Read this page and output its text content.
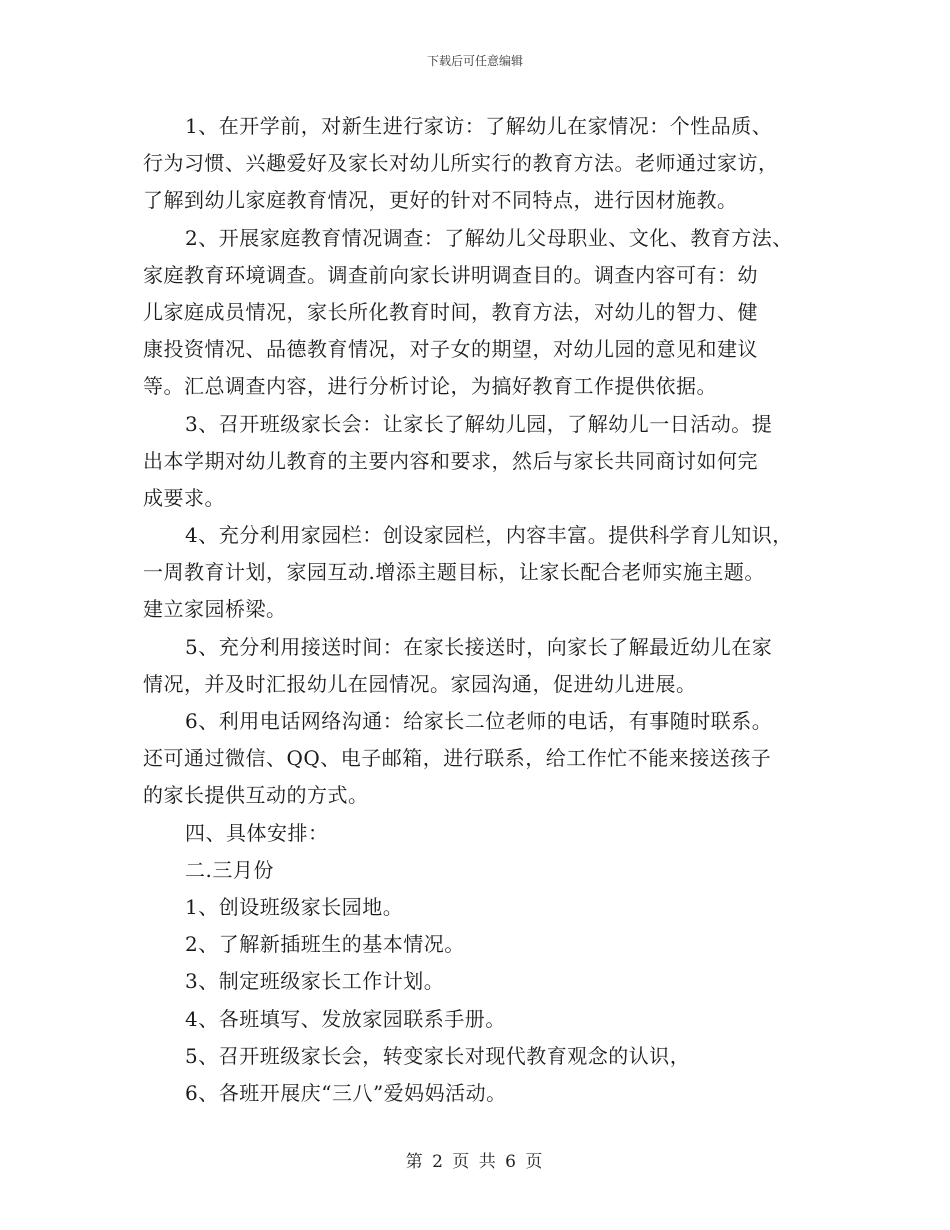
下载后可任意编辑
1、在开学前，对新生进行家访：了解幼儿在家情况：个性品质、
行为习惯、兴趣爱好及家长对幼儿所实行的教育方法。老师通过家访，
了解到幼儿家庭教育情况，更好的针对不同特点，进行因材施教。
2、开展家庭教育情况调查：了解幼儿父母职业、文化、教育方法、
家庭教育环境调查。调查前向家长讲明调查目的。调查内容可有：幼
儿家庭成员情况，家长所化教育时间，教育方法，对幼儿的智力、健
康投资情况、品德教育情况，对子女的期望，对幼儿园的意见和建议
等。汇总调查内容，进行分析讨论，为搞好教育工作提供依据。
3、召开班级家长会：让家长了解幼儿园，了解幼儿一日活动。提
出本学期对幼儿教育的主要内容和要求，然后与家长共同商讨如何完
成要求。
4、充分利用家园栏：创设家园栏，内容丰富。提供科学育儿知识，
一周教育计划，家园互动.增添主题目标，让家长配合老师实施主题。
建立家园桥梁。
5、充分利用接送时间：在家长接送时，向家长了解最近幼儿在家
情况，并及时汇报幼儿在园情况。家园沟通，促进幼儿进展。
6、利用电话网络沟通：给家长二位老师的电话，有事随时联系。
还可通过微信、QQ、电子邮箱，进行联系，给工作忙不能来接送孩子
的家长提供互动的方式。
四、具体安排：
二.三月份
1、创设班级家长园地。
2、了解新插班生的基本情况。
3、制定班级家长工作计划。
4、各班填写、发放家园联系手册。
5、召开班级家长会，转变家长对现代教育观念的认识，
6、各班开展庆“三八”爱妈妈活动。
第 2 页 共 6 页
